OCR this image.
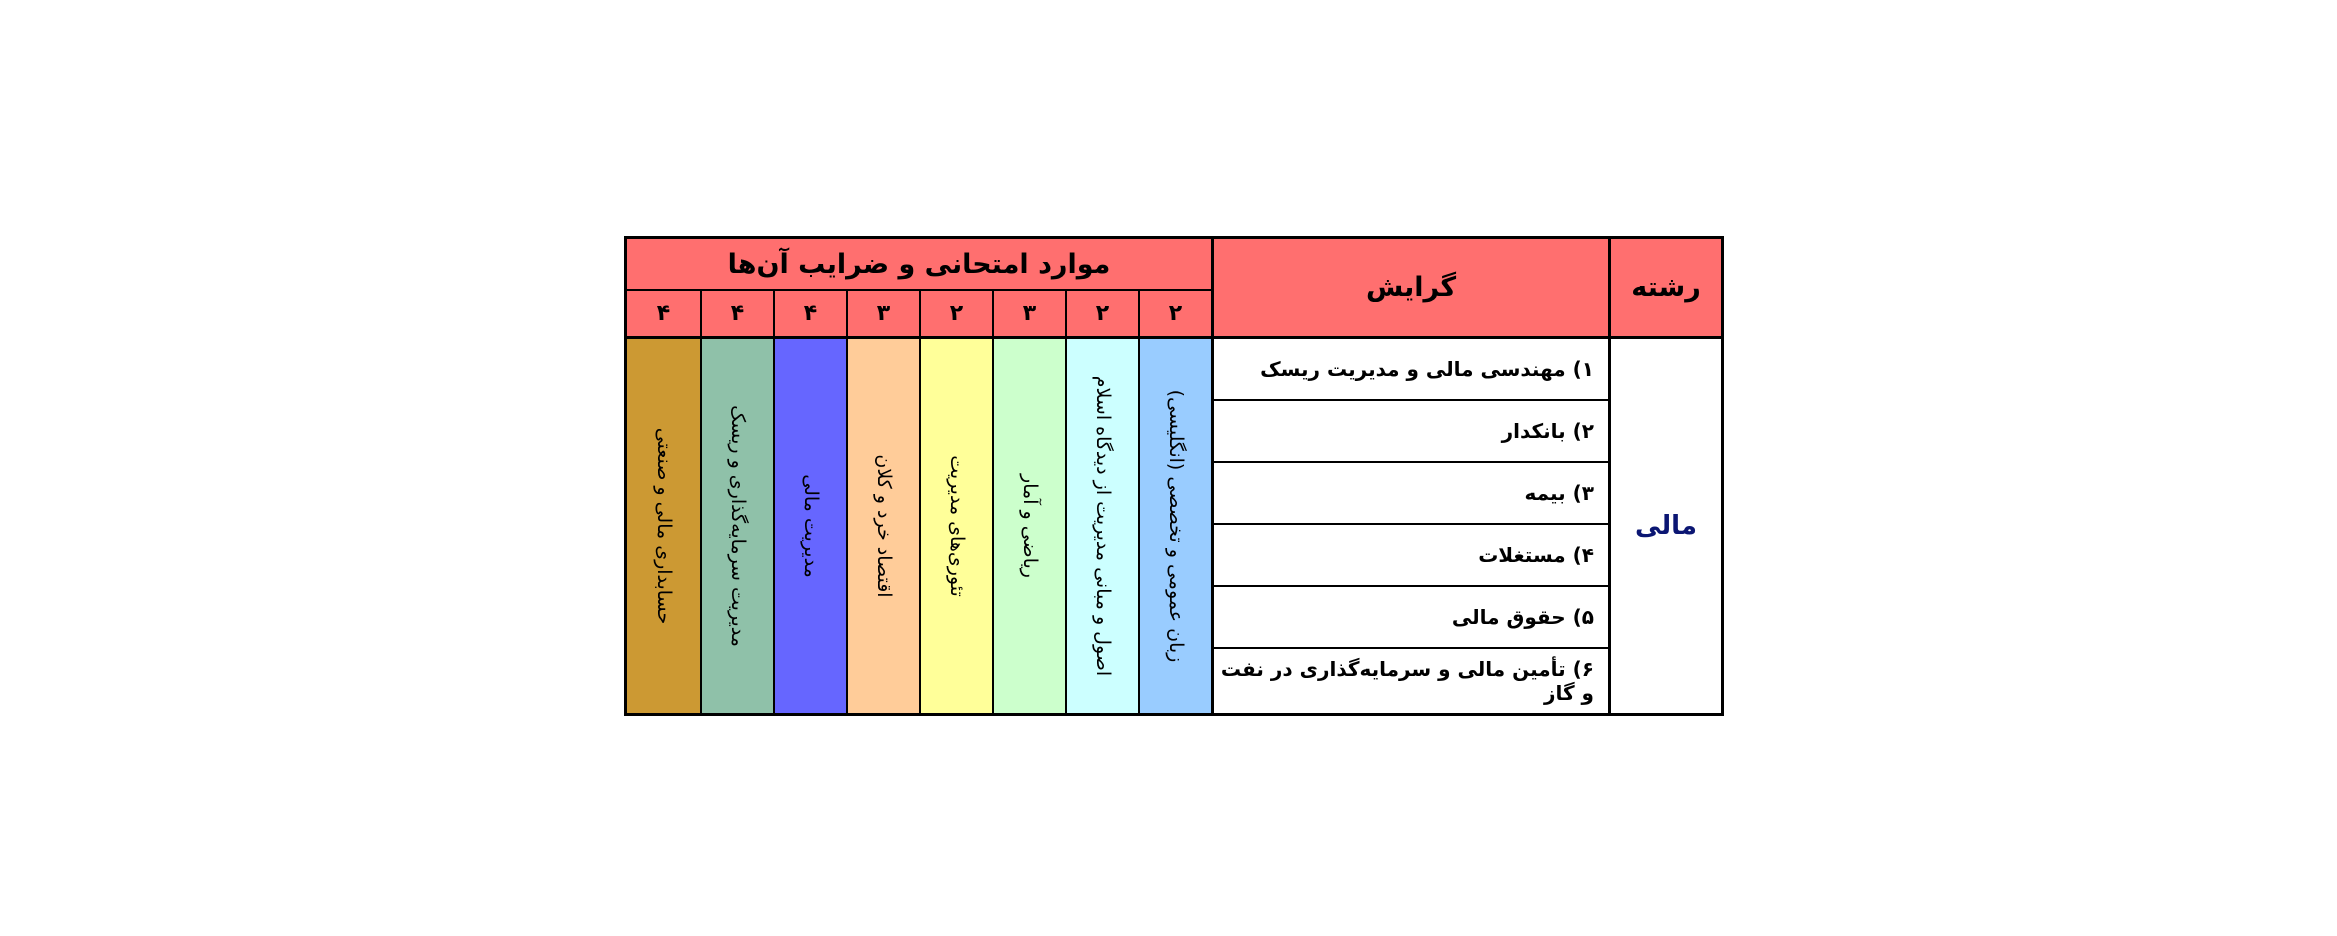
رشته
گرایش
موارد امتحانی و ضرایب آن‌ها
۲
۲
۳
۲
۳
۴
۴
۴
زبان عمومی و تخصصی (انگلیسی)
اصول و مبانی مدیریت از دیدگاه اسلام
ریاضی و آمار
تئوری‌های مدیریت
اقتصاد خرد و کلان
مدیریت مالی
مدیریت سرمایه‌گذاری و ریسک
حسابداری مالی و صنعتی
۱) مهندسی مالی و مدیریت ریسک
۲) بانکدار
۳) بیمه
۴) مستغلات
۵) حقوق مالی
۶) تأمین مالی و سرمایه‌گذاری در نفت و گاز
مالی
